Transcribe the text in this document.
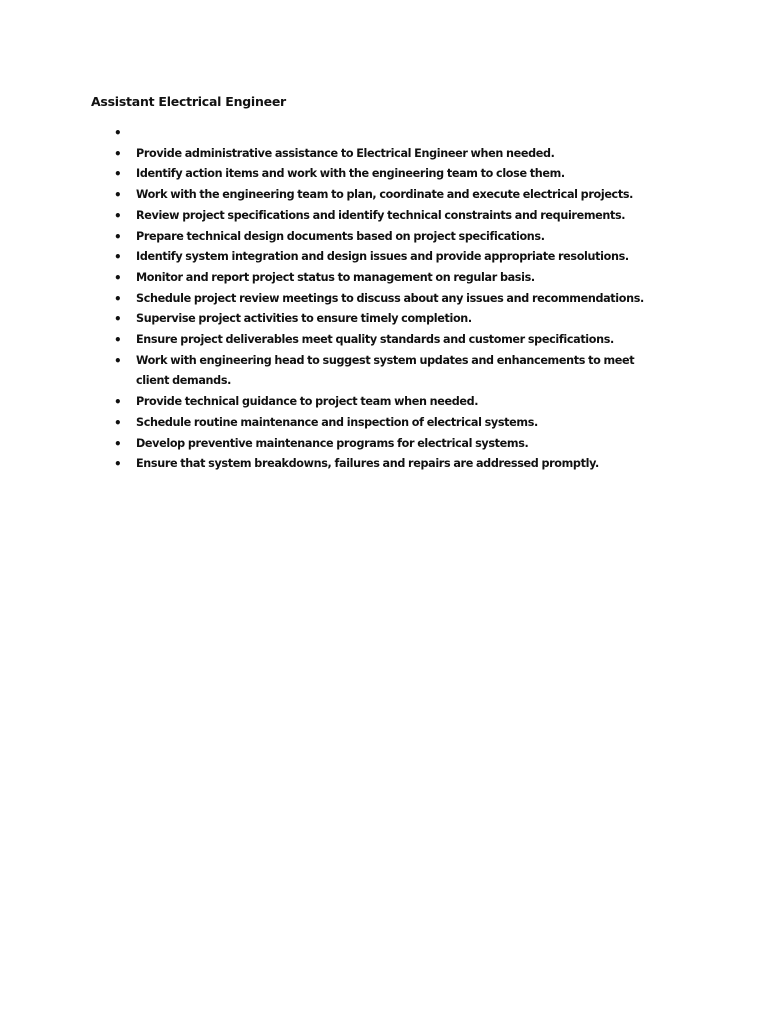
Assistant Electrical Engineer
•
• Provide administrative assistance to Electrical Engineer when needed.
• Identify action items and work with the engineering team to close them.
• Work with the engineering team to plan, coordinate and execute electrical projects.
• Review project specifications and identify technical constraints and requirements.
• Prepare technical design documents based on project specifications.
• Identify system integration and design issues and provide appropriate resolutions.
• Monitor and report project status to management on regular basis.
• Schedule project review meetings to discuss about any issues and recommendations.
• Supervise project activities to ensure timely completion.
• Ensure project deliverables meet quality standards and customer specifications.
• Work with engineering head to suggest system updates and enhancements to meet client demands.
• Provide technical guidance to project team when needed.
• Schedule routine maintenance and inspection of electrical systems.
• Develop preventive maintenance programs for electrical systems.
• Ensure that system breakdowns, failures and repairs are addressed promptly.
